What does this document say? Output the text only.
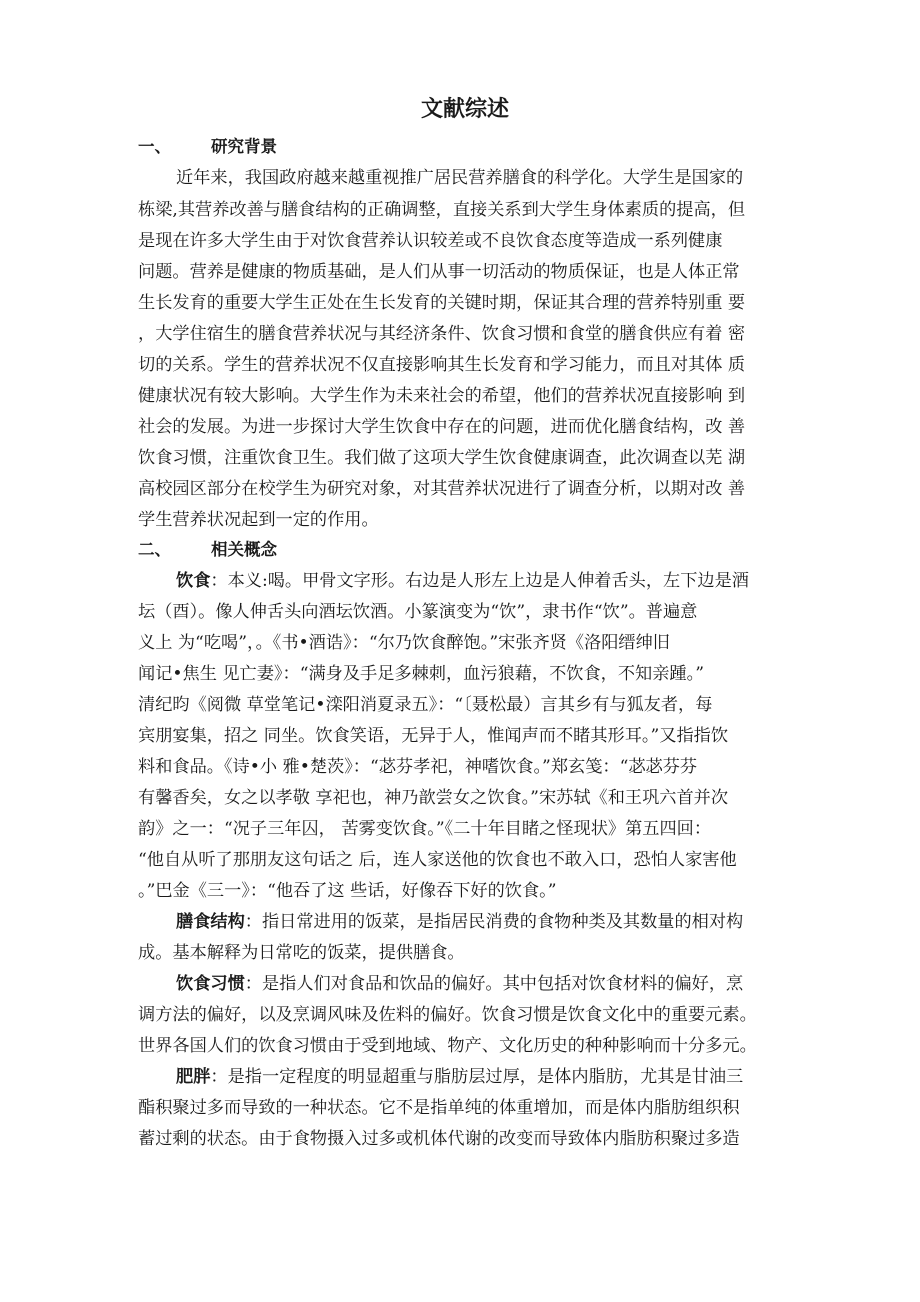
文献综述
一、 研究背景
近年来，我国政府越来越重视推广居民营养膳食的科学化。大学生是国家的
栋梁,其营养改善与膳食结构的正确调整，直接关系到大学生身体素质的提高，但
是现在许多大学生由于对饮食营养认识较差或不良饮食态度等造成一系列健康
问题。营养是健康的物质基础，是人们从事一切活动的物质保证，也是人体正常
生长发育的重要大学生正处在生长发育的关键时期，保证其合理的营养特别重 要
，大学住宿生的膳食营养状况与其经济条件、饮食习惯和食堂的膳食供应有着 密
切的关系。学生的营养状况不仅直接影响其生长发育和学习能力，而且对其体 质
健康状况有较大影响。大学生作为未来社会的希望，他们的营养状况直接影响 到
社会的发展。为进一步探讨大学生饮食中存在的问题，进而优化膳食结构，改 善
饮食习惯，注重饮食卫生。我们做了这项大学生饮食健康调查，此次调查以芜 湖
高校园区部分在校学生为研究对象，对其营养状况进行了调查分析，以期对改 善
学生营养状况起到一定的作用。
二、 相关概念
饮食：本义:喝。甲骨文字形。右边是人形左上边是人伸着舌头，左下边是酒
坛（酉）。像人伸舌头向酒坛饮酒。小篆演变为“饮”，隶书作“饮”。普遍意
义上 为“吃喝”，。《书•酒诰》：“尔乃饮食醉饱。”宋张齐贤《洛阳缙绅旧
闻记•焦生 见亡妻》：“满身及手足多棘刺，血污狼藉，不饮食，不知亲踵。”
清纪昀《阅微 草堂笔记•滦阳消夏录五》：“〔聂松最）言其乡有与狐友者，每
宾朋宴集，招之 同坐。饮食笑语，无异于人，惟闻声而不睹其形耳。”又指指饮
料和食品。《诗•小 雅•楚茨》：“苾芬孝祀，神嗜饮食。”郑玄笺：“苾苾芬芬
有馨香矣，女之以孝敬 享祀也，神乃歆尝女之饮食。”宋苏轼《和王巩六首并次
韵》之一：“况子三年囚， 苦雾变饮食。”《二十年目睹之怪现状》第五四回：
“他自从听了那朋友这句话之 后，连人家送他的饮食也不敢入口，恐怕人家害他
。”巴金《三一》：“他吞了这 些话，好像吞下好的饮食。”
膳食结构：指日常进用的饭菜，是指居民消费的食物种类及其数量的相对构
成。基本解释为日常吃的饭菜，提供膳食。
饮食习惯：是指人们对食品和饮品的偏好。其中包括对饮食材料的偏好，烹
调方法的偏好，以及烹调风味及佐料的偏好。饮食习惯是饮食文化中的重要元素。
世界各国人们的饮食习惯由于受到地域、物产、文化历史的种种影响而十分多元。
肥胖：是指一定程度的明显超重与脂肪层过厚，是体内脂肪，尤其是甘油三
酯积聚过多而导致的一种状态。它不是指单纯的体重增加，而是体内脂肪组织积
蓄过剩的状态。由于食物摄入过多或机体代谢的改变而导致体内脂肪积聚过多造
